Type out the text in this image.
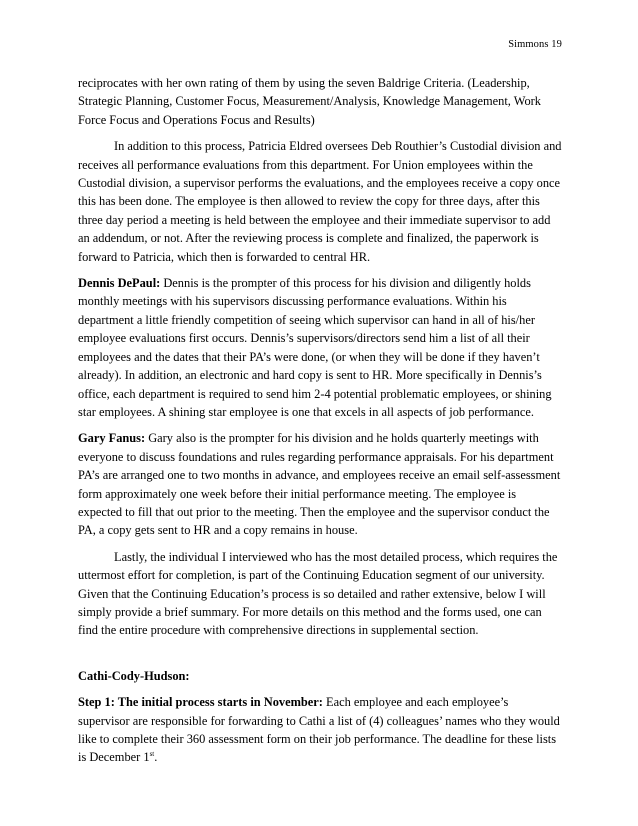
Simmons 19

reciprocates with her own rating of them by using the seven Baldrige Criteria. (Leadership, Strategic Planning, Customer Focus, Measurement/Analysis, Knowledge Management, Work Force Focus and Operations Focus and Results)

In addition to this process, Patricia Eldred oversees Deb Routhier’s Custodial division and receives all performance evaluations from this department. For Union employees within the Custodial division, a supervisor performs the evaluations, and the employees receive a copy once this has been done. The employee is then allowed to review the copy for three days, after this three day period a meeting is held between the employee and their immediate supervisor to add an addendum, or not. After the reviewing process is complete and finalized, the paperwork is forward to Patricia, which then is forwarded to central HR.

Dennis DePaul: Dennis is the prompter of this process for his division and diligently holds monthly meetings with his supervisors discussing performance evaluations. Within his department a little friendly competition of seeing which supervisor can hand in all of his/her employee evaluations first occurs. Dennis’s supervisors/directors send him a list of all their employees and the dates that their PA’s were done, (or when they will be done if they haven’t already). In addition, an electronic and hard copy is sent to HR. More specifically in Dennis’s office, each department is required to send him 2-4 potential problematic employees, or shining star employees. A shining star employee is one that excels in all aspects of job performance.

Gary Fanus: Gary also is the prompter for his division and he holds quarterly meetings with everyone to discuss foundations and rules regarding performance appraisals. For his department PA’s are arranged one to two months in advance, and employees receive an email self-assessment form approximately one week before their initial performance meeting. The employee is expected to fill that out prior to the meeting. Then the employee and the supervisor conduct the PA, a copy gets sent to HR and a copy remains in house.

Lastly, the individual I interviewed who has the most detailed process, which requires the uttermost effort for completion, is part of the Continuing Education segment of our university. Given that the Continuing Education’s process is so detailed and rather extensive, below I will simply provide a brief summary. For more details on this method and the forms used, one can find the entire procedure with comprehensive directions in supplemental section.

Cathi-Cody-Hudson:

Step 1: The initial process starts in November: Each employee and each employee’s supervisor are responsible for forwarding to Cathi a list of (4) colleagues’ names who they would like to complete their 360 assessment form on their job performance. The deadline for these lists is December 1st.
